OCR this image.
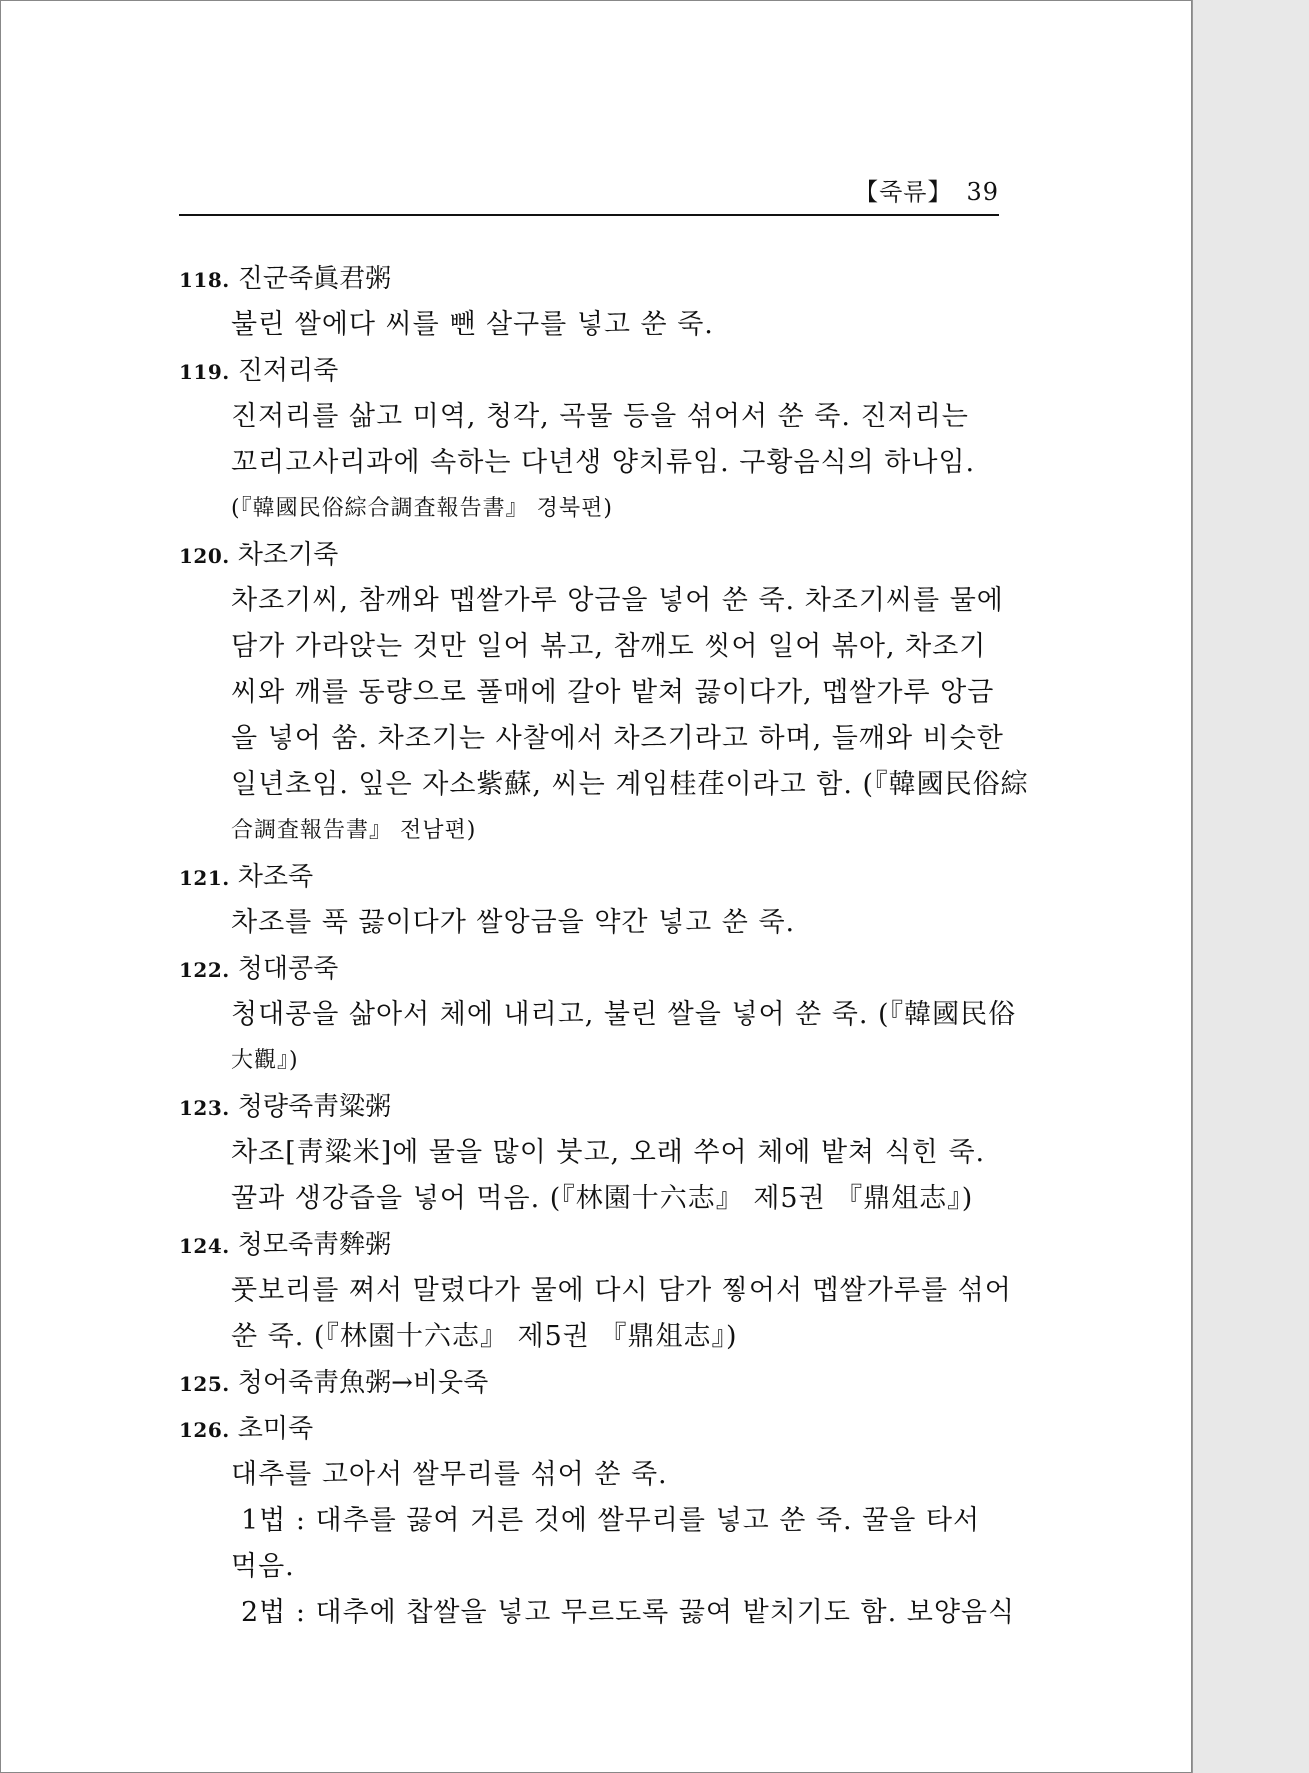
【죽류】 39
118. 진군죽眞君粥
불린 쌀에다 씨를 뺀 살구를 넣고 쑨 죽.
119. 진저리죽
진저리를 삶고 미역, 청각, 곡물 등을 섞어서 쑨 죽. 진저리는
꼬리고사리과에 속하는 다년생 양치류임. 구황음식의 하나임.
(『韓國民俗綜合調査報告書』 경북편)
120. 차조기죽
차조기씨, 참깨와 멥쌀가루 앙금을 넣어 쑨 죽. 차조기씨를 물에
담가 가라앉는 것만 일어 볶고, 참깨도 씻어 일어 볶아, 차조기
씨와 깨를 동량으로 풀매에 갈아 밭쳐 끓이다가, 멥쌀가루 앙금
을 넣어 쑴. 차조기는 사찰에서 차즈기라고 하며, 들깨와 비슷한
일년초임. 잎은 자소紫蘇, 씨는 계임桂荏이라고 함. (『韓國民俗綜
合調査報告書』 전남편)
121. 차조죽
차조를 푹 끓이다가 쌀앙금을 약간 넣고 쑨 죽.
122. 청대콩죽
청대콩을 삶아서 체에 내리고, 불린 쌀을 넣어 쑨 죽. (『韓國民俗
大觀』)
123. 청량죽靑粱粥
차조[靑粱米]에 물을 많이 붓고, 오래 쑤어 체에 밭쳐 식힌 죽.
꿀과 생강즙을 넣어 먹음. (『林園十六志』 제5권 『鼎俎志』)
124. 청모죽靑麰粥
풋보리를 쪄서 말렸다가 물에 다시 담가 찧어서 멥쌀가루를 섞어
쑨 죽. (『林園十六志』 제5권 『鼎俎志』)
125. 청어죽靑魚粥→비웃죽
126. 초미죽
대추를 고아서 쌀무리를 섞어 쑨 죽.
1법 : 대추를 끓여 거른 것에 쌀무리를 넣고 쑨 죽. 꿀을 타서
먹음.
2법 : 대추에 찹쌀을 넣고 무르도록 끓여 밭치기도 함. 보양음식
